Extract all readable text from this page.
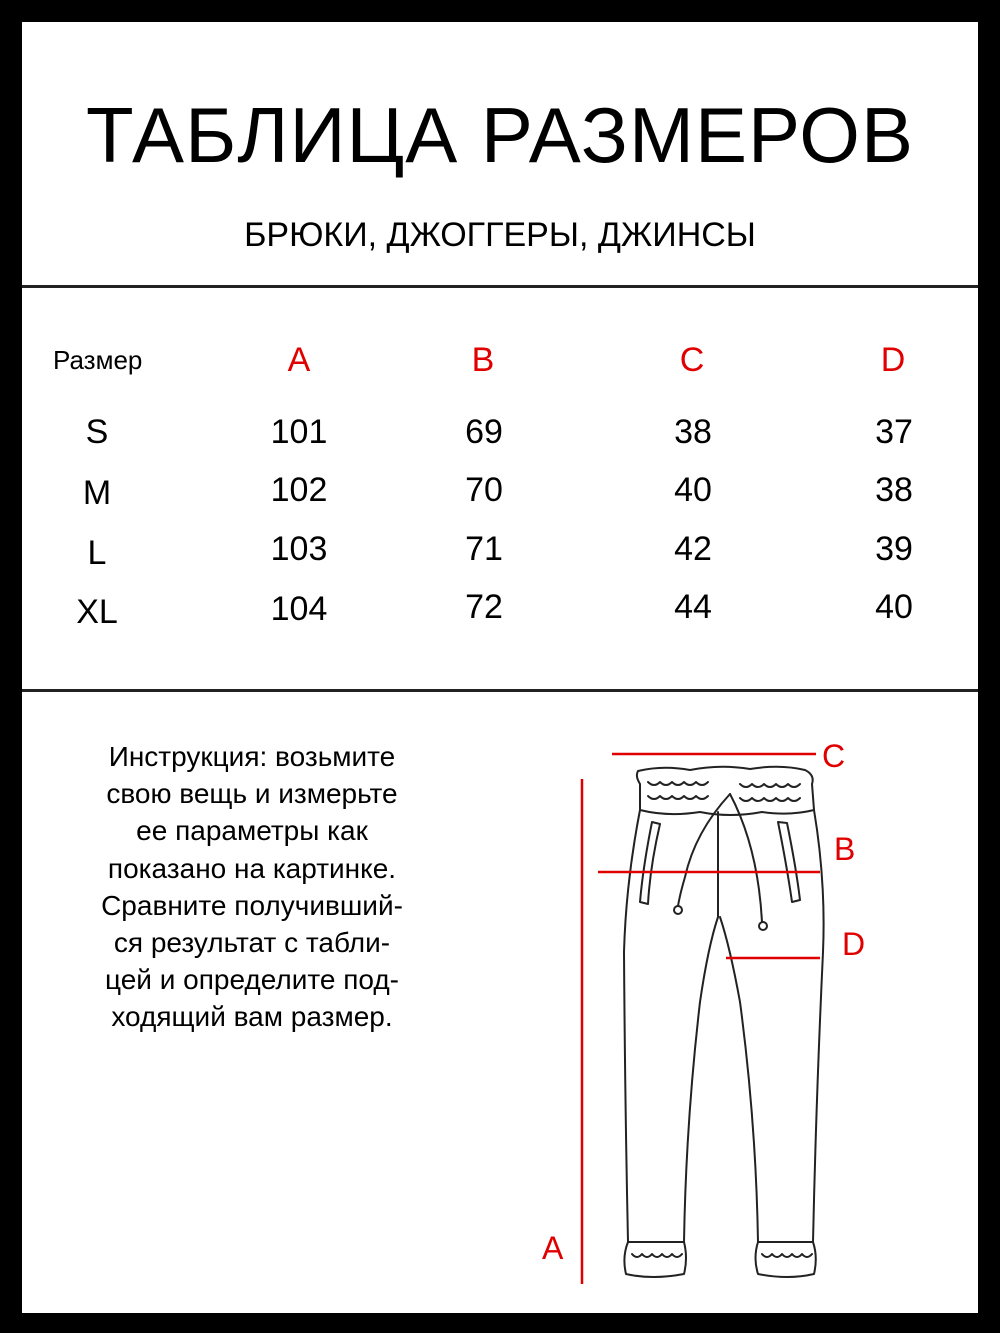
ТАБЛИЦА РАЗМЕРОВ
БРЮКИ, ДЖОГГЕРЫ, ДЖИНСЫ
Размер	A	B	C	D
S	101	69	38	37
M	102	70	40	38
L	103	71	42	39
XL	104	72	44	40
Инструкция: возьмите
свою вещь и измерьте
ее параметры как
показано на картинке.
Сравните получивший-
ся результат с табли-
цей и определите под-
ходящий вам размер.
C
B
D
A
